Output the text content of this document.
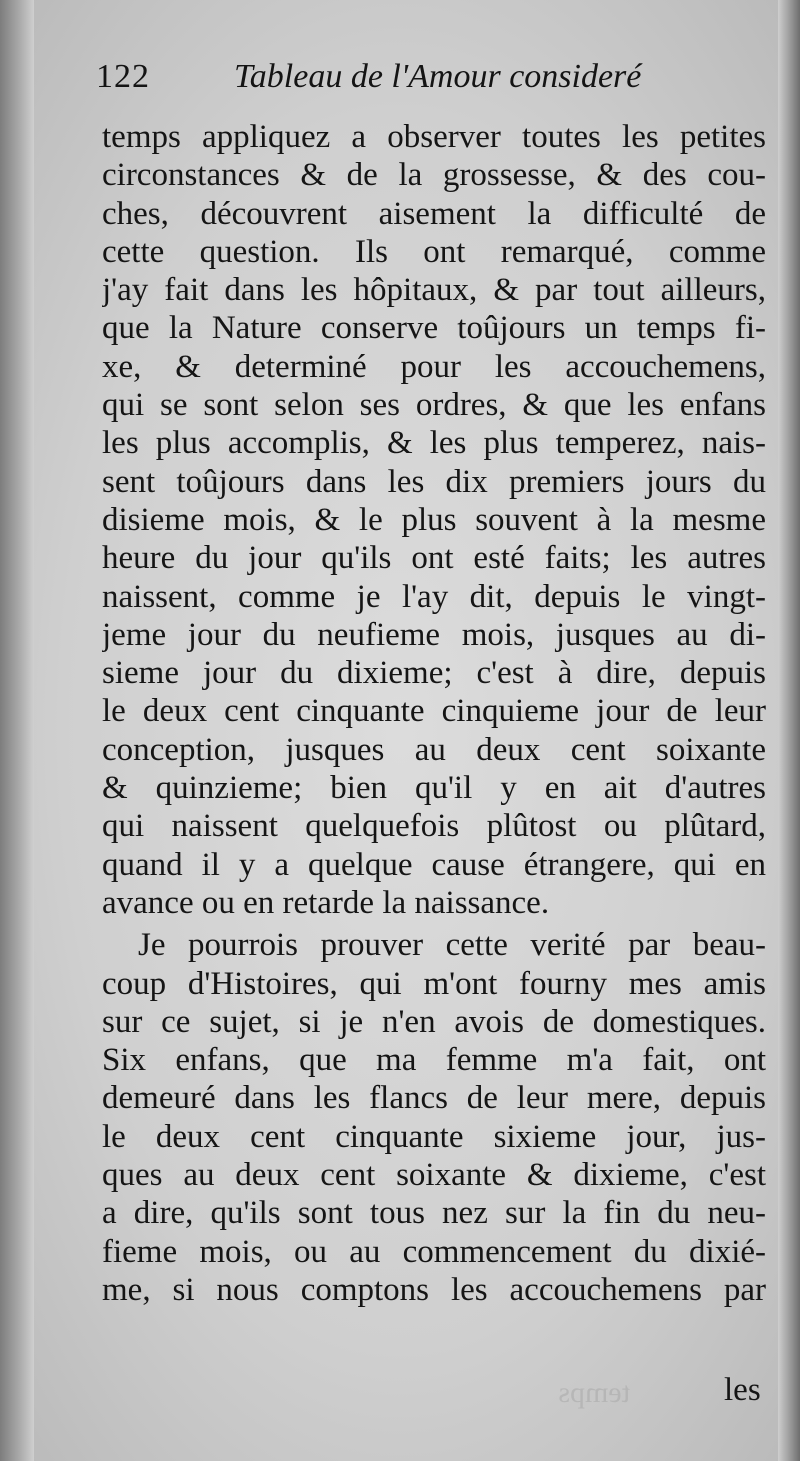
122 Tableau de l'Amour consideré
temps appliquez a observer toutes les petites
circonstances & de la grossesse, & des cou-
ches, découvrent aisement la difficulté de
cette question. Ils ont remarqué, comme
j'ay fait dans les hôpitaux, & par tout ailleurs,
que la Nature conserve toûjours un temps fi-
xe, & determiné pour les accouchemens,
qui se sont selon ses ordres, & que les enfans
les plus accomplis, & les plus temperez, nais-
sent toûjours dans les dix premiers jours du
disieme mois, & le plus souvent à la mesme
heure du jour qu'ils ont esté faits; les autres
naissent, comme je l'ay dit, depuis le vingt-
jeme jour du neufieme mois, jusques au di-
sieme jour du dixieme; c'est à dire, depuis
le deux cent cinquante cinquieme jour de leur
conception, jusques au deux cent soixante
& quinzieme; bien qu'il y en ait d'autres
qui naissent quelquefois plûtost ou plûtard,
quand il y a quelque cause étrangere, qui en
avance ou en retarde la naissance.
Je pourrois prouver cette verité par beau-
coup d'Histoires, qui m'ont fourny mes amis
sur ce sujet, si je n'en avois de domestiques.
Six enfans, que ma femme m'a fait, ont
demeuré dans les flancs de leur mere, depuis
le deux cent cinquante sixieme jour, jus-
ques au deux cent soixante & dixieme, c'est
a dire, qu'ils sont tous nez sur la fin du neu-
fieme mois, ou au commencement du dixié-
me, si nous comptons les accouchemens par
temps	les
